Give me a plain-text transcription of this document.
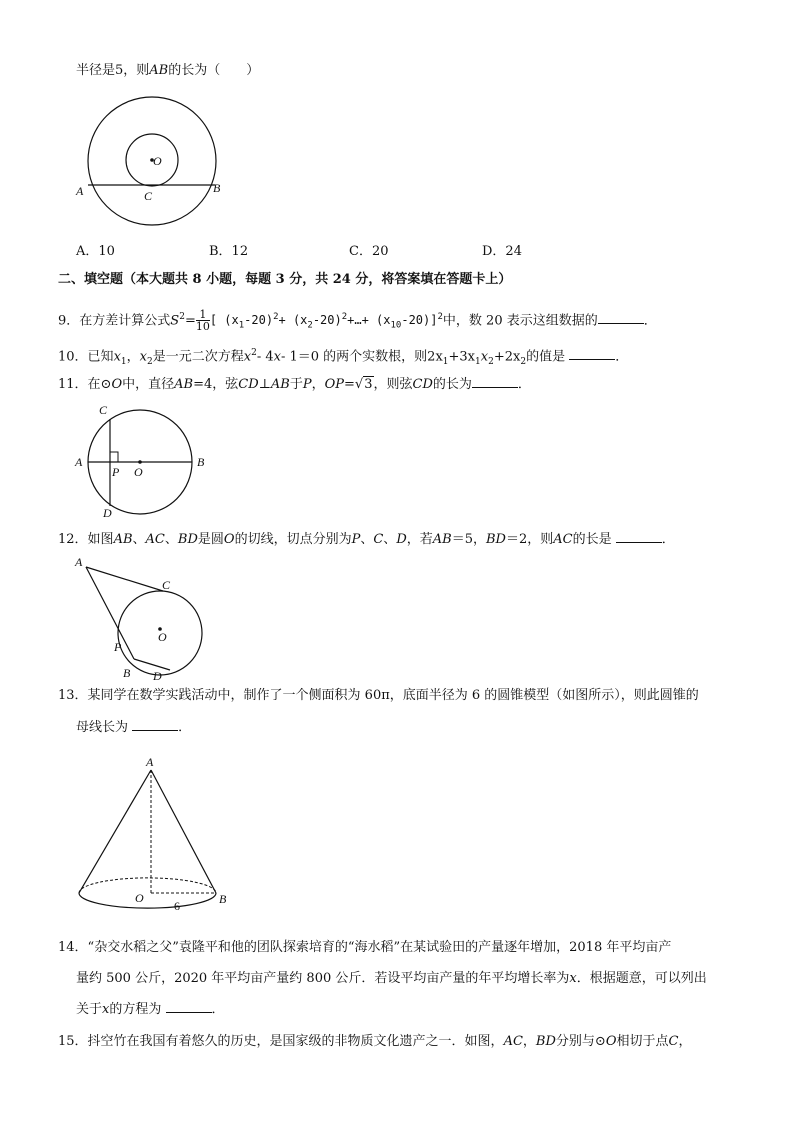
半径是5，则AB的长为（　　）
O
A	B
C
A．10	B．12	C．20	D．24
二、填空题（本大题共 8 小题，每题 3 分，共 24 分，将答案填在答题卡上）
9．在方差计算公式$S^2= \frac{1}{10}$ [ $(x_1-20)^2+$ $(x_2-20)^2+\dots+ (x_{10}-20)]^2$中，数 20 表示这组数据的	．
10．已知$x_1$，$x_2$是一元二次方程$x^2-$ 4x- 1＝0 的两个实数根，则$2x_1+3x_1x_2+2x_2$的值是	．
11．在⊙O中，直径AB=4，弦CD⊥AB于P，OP=√3，则弦CD的长为	．
A	B
C
D
P O
12．如图AB、AC、BD是圆O的切线，切点分别为P、C、D，若AB＝5，BD＝2，则AC的长是	．
A
C
O
P
B D
13．某同学在数学实践活动中，制作了一个侧面积为 60π，底面半径为 6 的圆锥模型（如图所示），则此圆锥的
母线长为	．
A
O	B
6
14．“杂交水稻之父”袁隆平和他的团队探索培育的“海水稻”在某试验田的产量逐年增加，2018 年平均亩产
量约 500 公斤，2020 年平均亩产量约 800 公斤．若设平均亩产量的年平均增长率为x．根据题意，可以列出
关于x的方程为	．
15．抖空竹在我国有着悠久的历史，是国家级的非物质文化遗产之一．如图，AC，BD分别与⊙O相切于点C，
